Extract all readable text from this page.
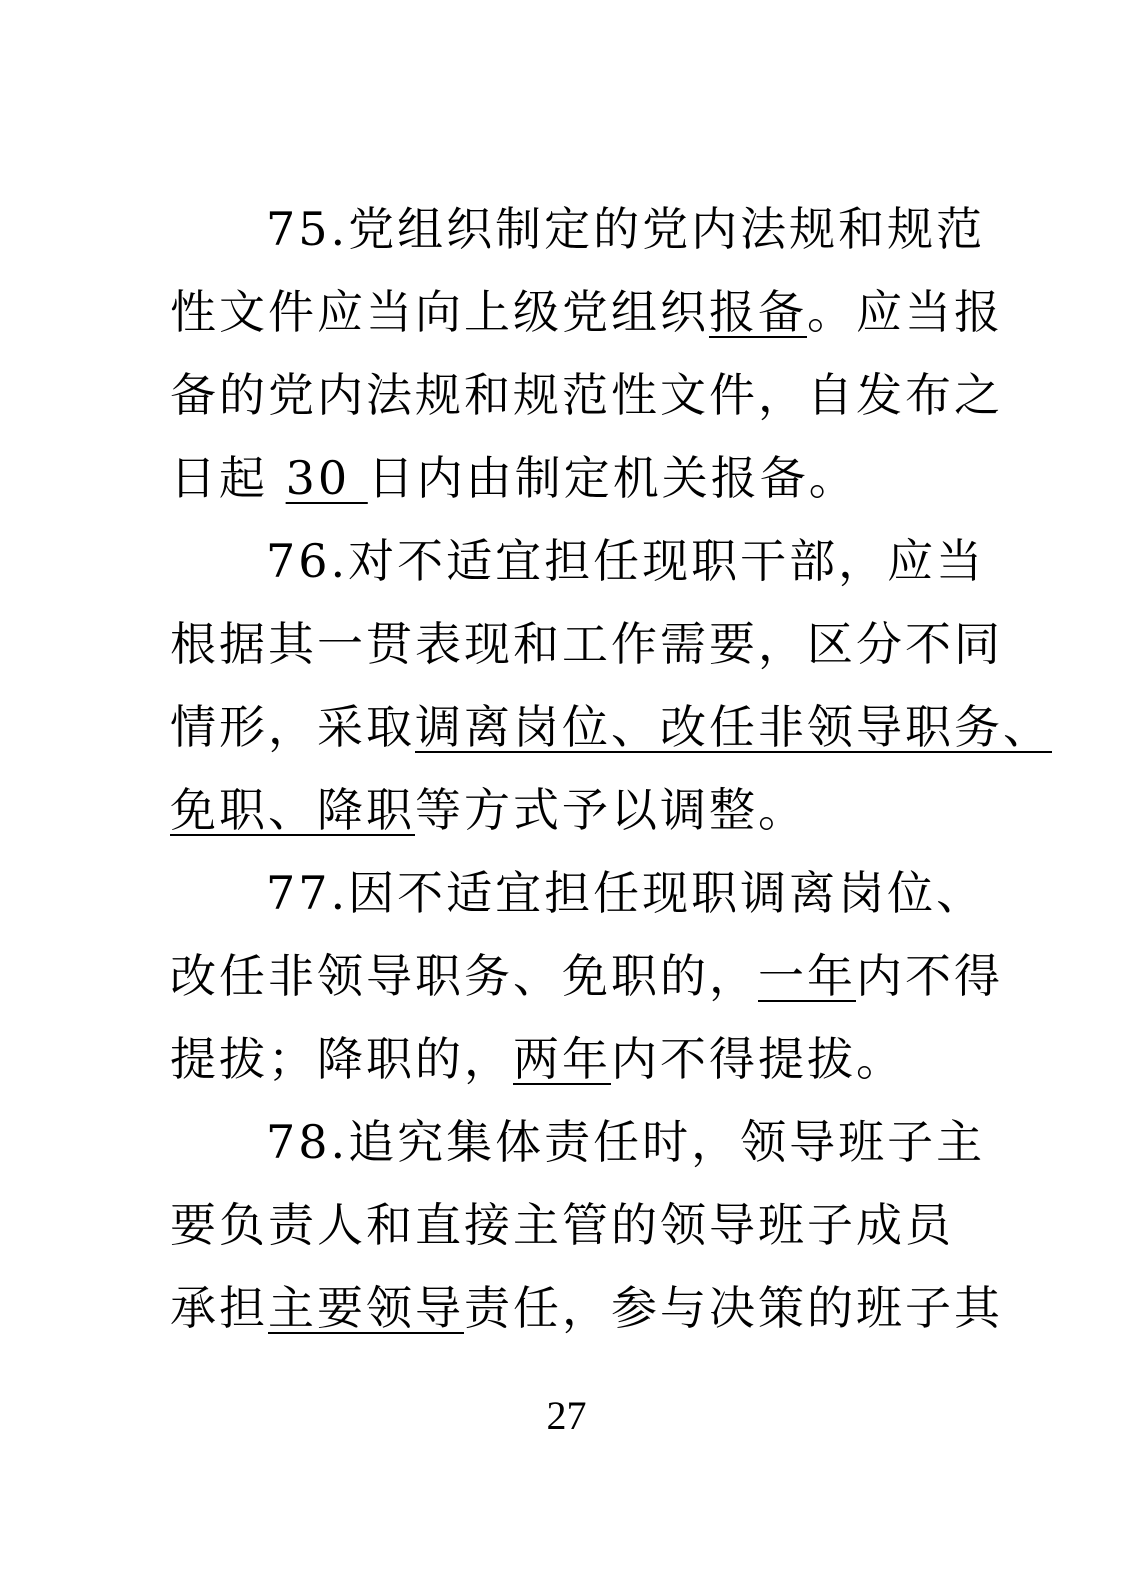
75.党组织制定的党内法规和规范
性文件应当向上级党组织报备。应当报
备的党内法规和规范性文件，自发布之
日起 30 日内由制定机关报备。
76.对不适宜担任现职干部，应当
根据其一贯表现和工作需要，区分不同
情形，采取调离岗位、改任非领导职务、
免职、降职等方式予以调整。
77.因不适宜担任现职调离岗位、
改任非领导职务、免职的，一年内不得
提拔；降职的，两年内不得提拔。
78.追究集体责任时，领导班子主
要负责人和直接主管的领导班子成员
承担主要领导责任，参与决策的班子其
27
